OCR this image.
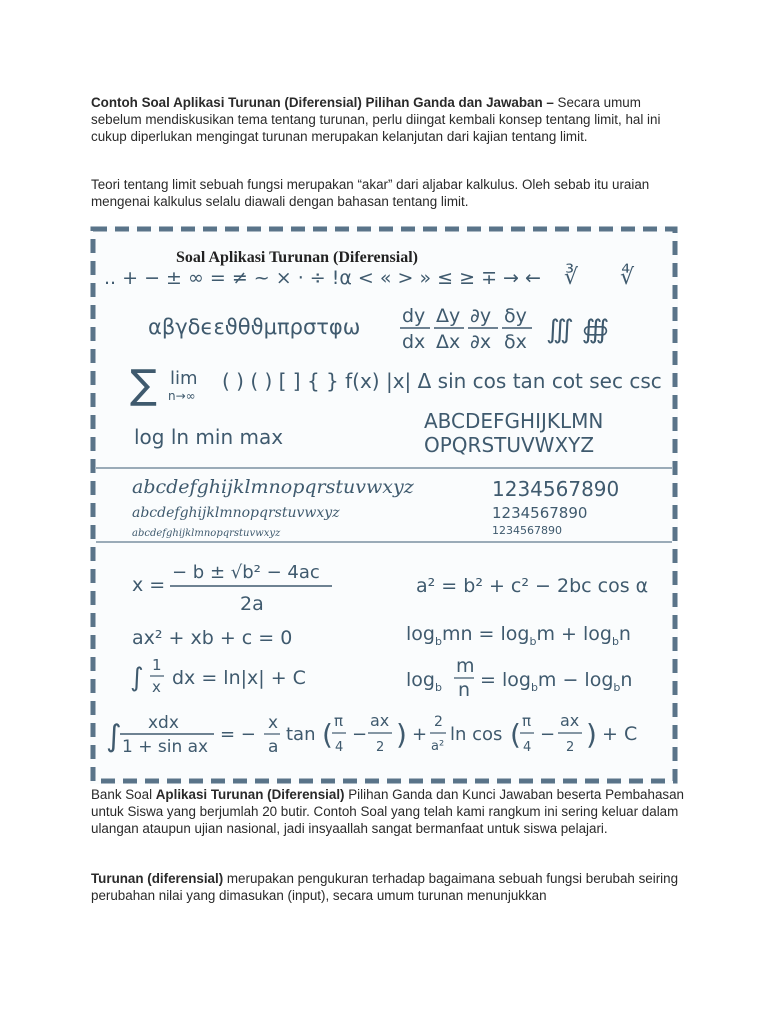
Contoh Soal Aplikasi Turunan (Diferensial) Pilihan Ganda dan Jawaban – Secara umum sebelum mendiskusikan tema tentang turunan, perlu diingat kembali konsep tentang limit, hal ini cukup diperlukan mengingat turunan merupakan kelanjutan dari kajian tentang limit.
Teori tentang limit sebuah fungsi merupakan “akar” dari aljabar kalkulus. Oleh sebab itu uraian mengenai kalkulus selalu diawali dengan bahasan tentang limit.
Soal Aplikasi Turunan (Diferensial)
.. + − ± ∞ = ≠ ~ × · ÷ !α < « > » ≤ ≥ ∓ → ← ∛ ∜
αβγδϵεϑθϑμπρστφω dy
dx
Δy
Δx
∂y
∂x
δy
δx ∭ ∰
∑ lim
n→∞
( ) ( ) [ ] { } f(x) |x| Δ sin cos tan cot sec csc
log ln min max
ABCDEFGHIJKLMN
OPQRSTUVWXYZ
abcdefghijklmnopqrstuvwxyz
abcdefghijklmnopqrstuvwxyz
abcdefghijklmnopqrstuvwxyz
1234567890
1234567890
1234567890
x =
− b ± √b² − 4ac
2a
a² = b² + c² − 2bc cos α
ax² + xb + c = 0	$\log_bmn = \log_bm + \log_bn$
∫ 1
x dx = ln|x| + C	$\log_b$
m
$n = \log_bm - \log_bn$
∫ xdx
1 + sin ax
= −
x
a
tan ( π
4
−
ax
2 ) +
2
a²
ln cos ( π
4
−
ax
2 ) + C
Bank Soal Aplikasi Turunan (Diferensial) Pilihan Ganda dan Kunci Jawaban beserta Pembahasan untuk Siswa yang berjumlah 20 butir. Contoh Soal yang telah kami rangkum ini sering keluar dalam ulangan ataupun ujian nasional, jadi insyaallah sangat bermanfaat untuk siswa pelajari.
Turunan (diferensial) merupakan pengukuran terhadap bagaimana sebuah fungsi berubah seiring perubahan nilai yang dimasukan (input), secara umum turunan menunjukkan
